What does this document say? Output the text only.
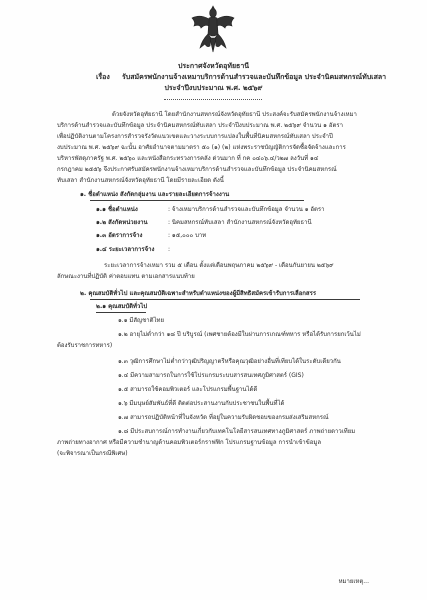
ประกาศจังหวัดอุทัยธานี
เรื่อง รับสมัครพนักงานจ้างเหมาบริการด้านสำรวจและบันทึกข้อมูล ประจำนิคมสหกรณ์ทับเสลา
ประจำปีงบประมาณ พ.ศ. ๒๕๖๙
ด้วยจังหวัดอุทัยธานี โดยสำนักงานสหกรณ์จังหวัดอุทัยธานี ประสงค์จะรับสมัครพนักงานจ้างเหมา
บริการด้านสำรวจและบันทึกข้อมูล ประจำนิคมสหกรณ์ทับเสลา ประจำปีงบประมาณ พ.ศ. ๒๕๖๙ จำนวน ๑ อัตรา
เพื่อปฏิบัติงานตามโครงการสำรวจรังวัดแนวเขตและวางระบบการแปลงในพื้นที่นิคมสหกรณ์ทับเสลา ประจำปี
งบประมาณ พ.ศ. ๒๕๖๙ ฉะนั้น อาศัยอำนาจตามมาตรา ๕๐ (๑) (๒) แห่งพระราชบัญญัติการจัดซื้อจัดจ้างและการ
บริหารพัสดุภาครัฐ พ.ศ. ๒๕๖๐ และหนังสือกระทรวงการคลัง ด่วนมาก ที่ กค ๐๔๐๖.๔/ว๒๗ ลงวันที่ ๑๔
กรกฎาคม ๒๕๕๖ จึงประกาศรับสมัครพนักงานจ้างเหมาบริการด้านสำรวจและบันทึกข้อมูล ประจำนิคมสหกรณ์
ทับเสลา สำนักงานสหกรณ์จังหวัดอุทัยธานี โดยมีรายละเอียด ดังนี้
๑. ชื่อตำแหน่ง สังกัดกลุ่มงาน และรายละเอียดการจ้างงาน
๑.๑ ชื่อตำแหน่ง	: จ้างเหมาบริการด้านสำรวจและบันทึกข้อมูล จำนวน ๑ อัตรา
๑.๒ สังกัดหน่วยงาน	: นิคมสหกรณ์ทับเสลา สำนักงานสหกรณ์จังหวัดอุทัยธานี
๑.๓ อัตราการจ้าง	: ๑๕,๐๐๐ บาท
๑.๔ ระยะเวลาการจ้าง :
ระยะเวลาการจ้างเหมา รวม ๕ เดือน ตั้งแต่เดือนพฤษภาคม ๒๕๖๙ - เดือนกันยายน ๒๕๖๙
ลักษณะงานที่ปฏิบัติ ค่าตอบแทน ตามเอกสารแนบท้าย
๒. คุณสมบัติทั่วไป และคุณสมบัติเฉพาะสำหรับตำแหน่งของผู้มีสิทธิสมัครเข้ารับการเลือกสรร
๒.๑ คุณสมบัติทั่วไป
๑.๑ มีสัญชาติไทย
๑.๒ อายุไม่ต่ำกว่า ๑๘ ปี บริบูรณ์ (เพศชายต้องมีใบผ่านการเกณฑ์ทหาร หรือได้รับการยกเว้นไม่
ต้องรับราชการทหาร)
๑.๓ วุฒิการศึกษาไม่ต่ำกว่าวุฒิปริญญาตรีหรือคุณวุฒิอย่างอื่นที่เทียบได้ในระดับเดียวกัน
๑.๔ มีความสามารถในการใช้โปรแกรมระบบสารสนเทศภูมิศาสตร์ (GIS)
๑.๕ สามารถใช้คอมพิวเตอร์ และโปรแกรมพื้นฐานได้ดี
๑.๖ มีมนุษย์สัมพันธ์ที่ดี ติดต่อประสานงานกับประชาชนในพื้นที่ได้
๑.๗ สามารถปฏิบัติหน้าที่ในจังหวัด ที่อยู่ในความรับผิดชอบของกรมส่งเสริมสหกรณ์
๑.๘ มีประสบการณ์การทำงานเกี่ยวกับเทคโนโลยีสารสนเทศทางภูมิศาสตร์ ภาพถ่ายดาวเทียม
ภาพถ่ายทางอากาศ หรือมีความชำนาญด้านคอมพิวเตอร์กราฟฟิก โปรแกรมฐานข้อมูล การนำเข้าข้อมูล
(จะพิจารณาเป็นกรณีพิเศษ)
หมายเหตุ...
